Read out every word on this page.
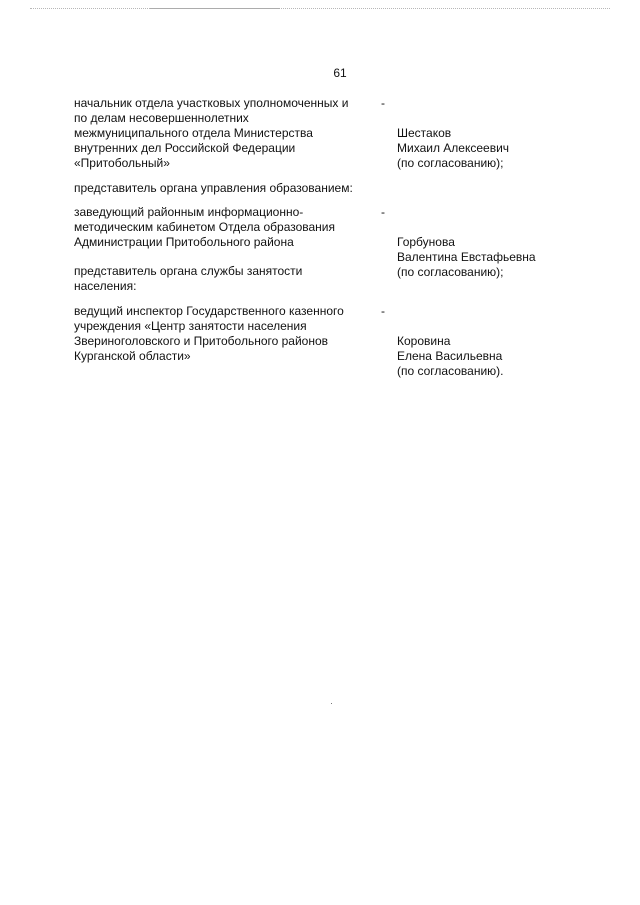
61
начальник отдела участковых уполномоченных и
по делам несовершеннолетних
межмуниципального отдела Министерства
внутренних дел Российской Федерации
«Притобольный»

-

Шестаков
Михаил Алексеевич
(по согласованию);

представитель органа управления образованием:
заведующий районным информационно-
методическим кабинетом Отдела образования
Администрации Притобольного района

-

Горбунова
Валентина Евстафьевна
(по согласованию);

представитель органа службы занятости
населения:
ведущий инспектор Государственного казенного
учреждения «Центр занятости населения
Звериноголовского и Притобольного районов
Курганской области»

-

Коровина
Елена Васильевна
(по согласованию).
